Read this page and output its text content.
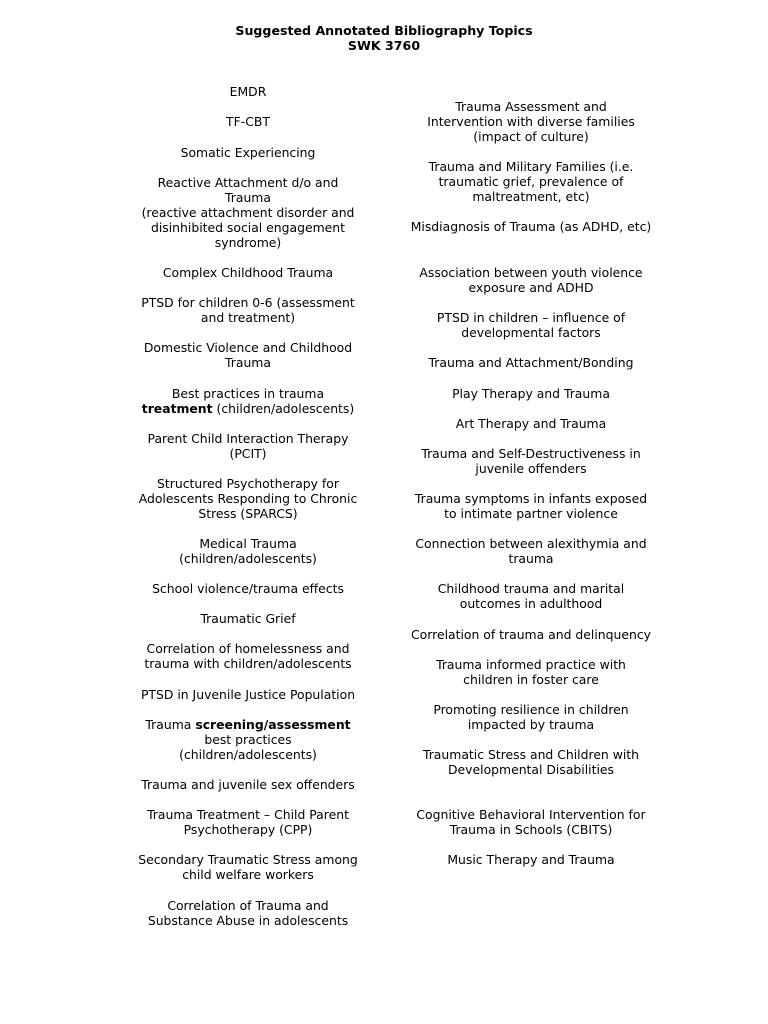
Suggested Annotated Bibliography Topics
SWK 3760
EMDR
TF-CBT
Somatic Experiencing
Reactive Attachment d/o and
Trauma
(reactive attachment disorder and
disinhibited social engagement
syndrome)
Complex Childhood Trauma
PTSD for children 0-6 (assessment
and treatment)
Domestic Violence and Childhood
Trauma
Best practices in trauma
treatment (children/adolescents)
Parent Child Interaction Therapy
(PCIT)
Structured Psychotherapy for
Adolescents Responding to Chronic
Stress (SPARCS)
Medical Trauma
(children/adolescents)
School violence/trauma effects
Traumatic Grief
Correlation of homelessness and
trauma with children/adolescents
PTSD in Juvenile Justice Population
Trauma screening/assessment
best practices
(children/adolescents)
Trauma and juvenile sex offenders
Trauma Treatment – Child Parent
Psychotherapy (CPP)
Secondary Traumatic Stress among
child welfare workers
Correlation of Trauma and
Substance Abuse in adolescents
Trauma Assessment and
Intervention with diverse families
(impact of culture)
Trauma and Military Families (i.e.
traumatic grief, prevalence of
maltreatment, etc)
Misdiagnosis of Trauma (as ADHD, etc)
Association between youth violence
exposure and ADHD
PTSD in children – influence of
developmental factors
Trauma and Attachment/Bonding
Play Therapy and Trauma
Art Therapy and Trauma
Trauma and Self-Destructiveness in
juvenile offenders
Trauma symptoms in infants exposed
to intimate partner violence
Connection between alexithymia and
trauma
Childhood trauma and marital
outcomes in adulthood
Correlation of trauma and delinquency
Trauma informed practice with
children in foster care
Promoting resilience in children
impacted by trauma
Traumatic Stress and Children with
Developmental Disabilities
Cognitive Behavioral Intervention for
Trauma in Schools (CBITS)
Music Therapy and Trauma
